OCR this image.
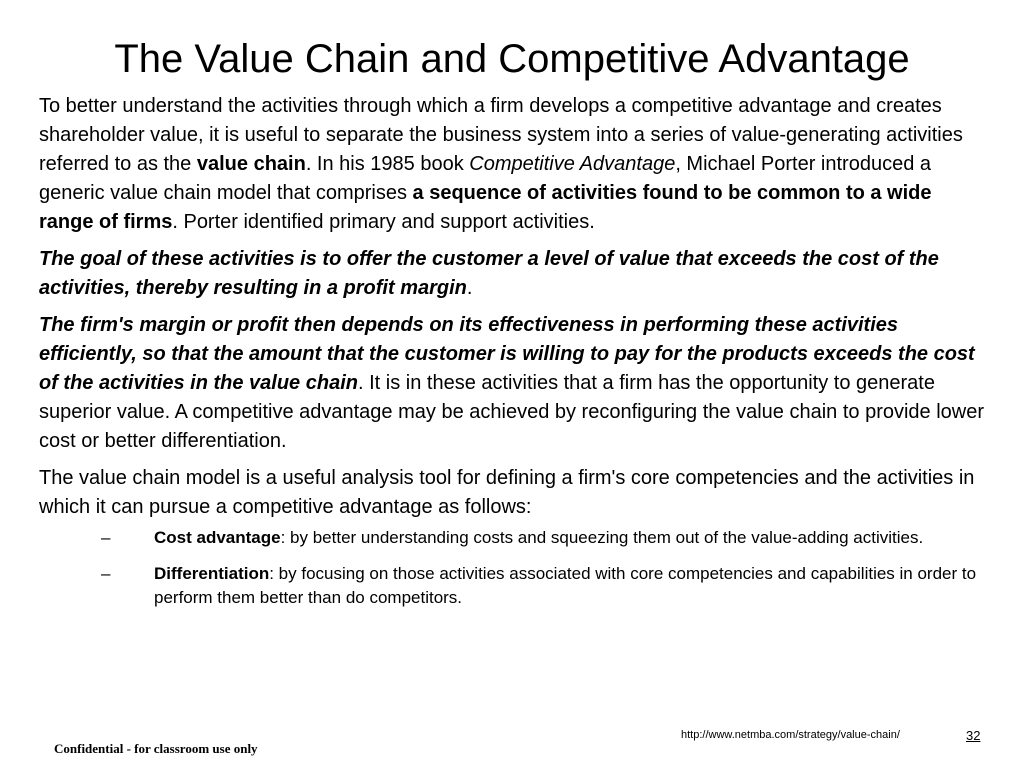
The Value Chain and Competitive Advantage

To better understand the activities through which a firm develops a competitive advantage and creates shareholder value, it is useful to separate the business system into a series of value-generating activities referred to as the value chain. In his 1985 book Competitive Advantage, Michael Porter introduced a generic value chain model that comprises a sequence of activities found to be common to a wide range of firms. Porter identified primary and support activities.

The goal of these activities is to offer the customer a level of value that exceeds the cost of the activities, thereby resulting in a profit margin.

The firm's margin or profit then depends on its effectiveness in performing these activities efficiently, so that the amount that the customer is willing to pay for the products exceeds the cost of the activities in the value chain. It is in these activities that a firm has the opportunity to generate superior value. A competitive advantage may be achieved by reconfiguring the value chain to provide lower cost or better differentiation.

The value chain model is a useful analysis tool for defining a firm's core competencies and the activities in which it can pursue a competitive advantage as follows:

–	Cost advantage: by better understanding costs and squeezing them out of the value-adding activities.
–	Differentiation: by focusing on those activities associated with core competencies and capabilities in order to perform them better than do competitors.
http://www.netmba.com/strategy/value-chain/	32
Confidential - for classroom use only
